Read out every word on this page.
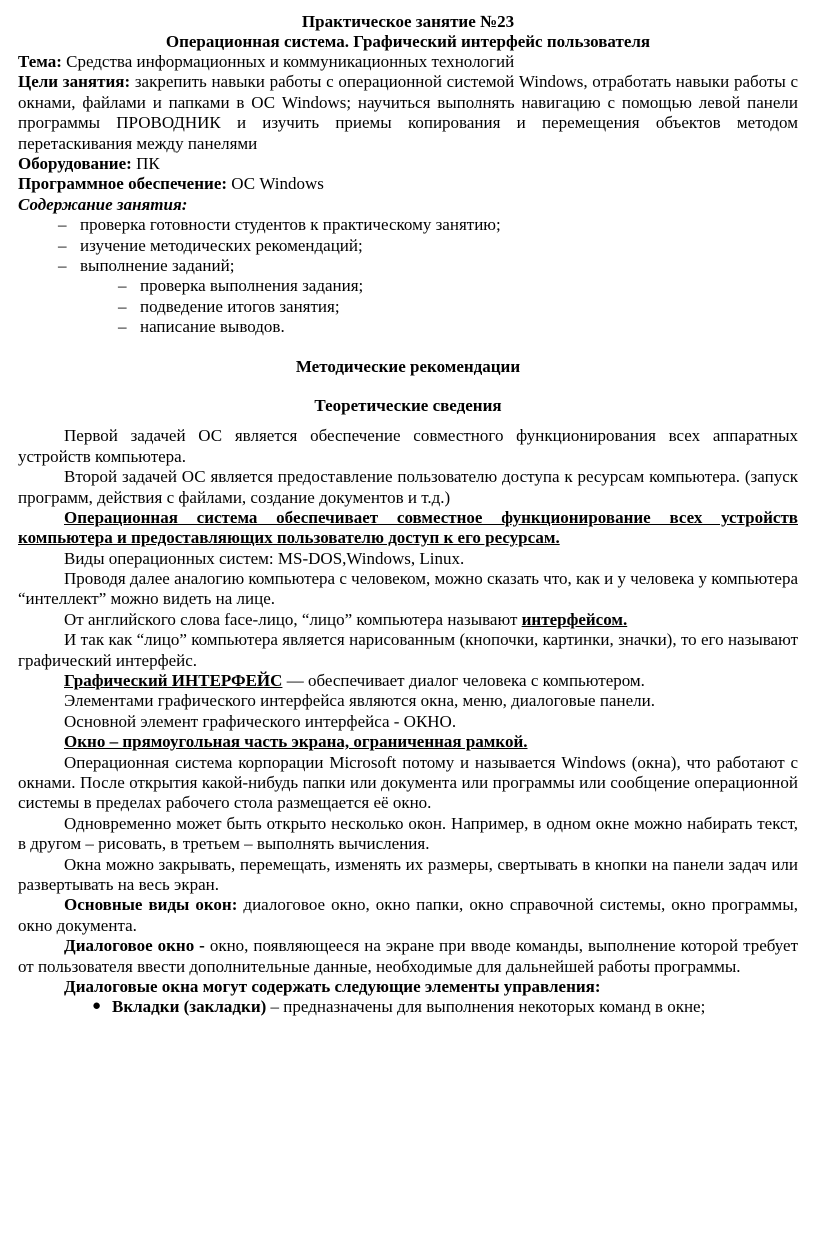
Практическое занятие №23
Операционная система. Графический интерфейс пользователя

Тема: Средства информационных и коммуникационных технологий

Цели занятия: закрепить навыки работы с операционной системой Windows, отработать навыки работы с окнами, файлами и папками в ОС Windows; научиться выполнять навигацию с помощью левой панели программы ПРОВОДНИК и изучить приемы копирования и перемещения объектов методом перетаскивания между панелями

Оборудование: ПК

Программное обеспечение: ОС Windows

Содержание занятия:

– проверка готовности студентов к практическому занятию;
– изучение методических рекомендаций;
– выполнение заданий;
– проверка выполнения задания;
– подведение итогов занятия;
– написание выводов.
Методические рекомендации
Теоретические сведения

Первой задачей ОС является обеспечение совместного функционирования всех аппаратных устройств компьютера.

Второй задачей ОС является предоставление пользователю доступа к ресурсам компьютера. (запуск программ, действия с файлами, создание документов и т.д.)

Операционная система обеспечивает совместное функционирование всех устройств компьютера и предоставляющих пользователю доступ к его ресурсам.

Виды операционных систем: MS-DOS,Windows, Linux.

Проводя далее аналогию компьютера с человеком, можно сказать что, как и у человека у компьютера “интеллект” можно видеть на лице.

От английского слова face-лицо, “лицо” компьютера называют интерфейсом.

И так как “лицо” компьютера является нарисованным (кнопочки, картинки, значки), то его называют графический интерфейс.

Графический ИНТЕРФЕЙС — обеспечивает диалог человека с компьютером.

Элементами графического интерфейса являются окна, меню, диалоговые панели.

Основной элемент графического интерфейса - ОКНО.

Окно – прямоугольная часть экрана, ограниченная рамкой.

Операционная система корпорации Microsoft потому и называется Windows (окна), что работают с окнами. После открытия какой-нибудь папки или документа или программы или сообщение операционной системы в пределах рабочего стола размещается её окно.

Одновременно может быть открыто несколько окон. Например, в одном окне можно набирать текст, в другом – рисовать, в третьем – выполнять вычисления.

Окна можно закрывать, перемещать, изменять их размеры, свертывать в кнопки на панели задач или развертывать на весь экран.

Основные виды окон: диалоговое окно, окно папки, окно справочной системы, окно программы, окно документа.

Диалоговое окно - окно, появляющееся на экране при вводе команды, выполнение которой требует от пользователя ввести дополнительные данные, необходимые для дальнейшей работы программы.

Диалоговые окна могут содержать следующие элементы управления:

● Вкладки (закладки) – предназначены для выполнения некоторых команд в окне;
